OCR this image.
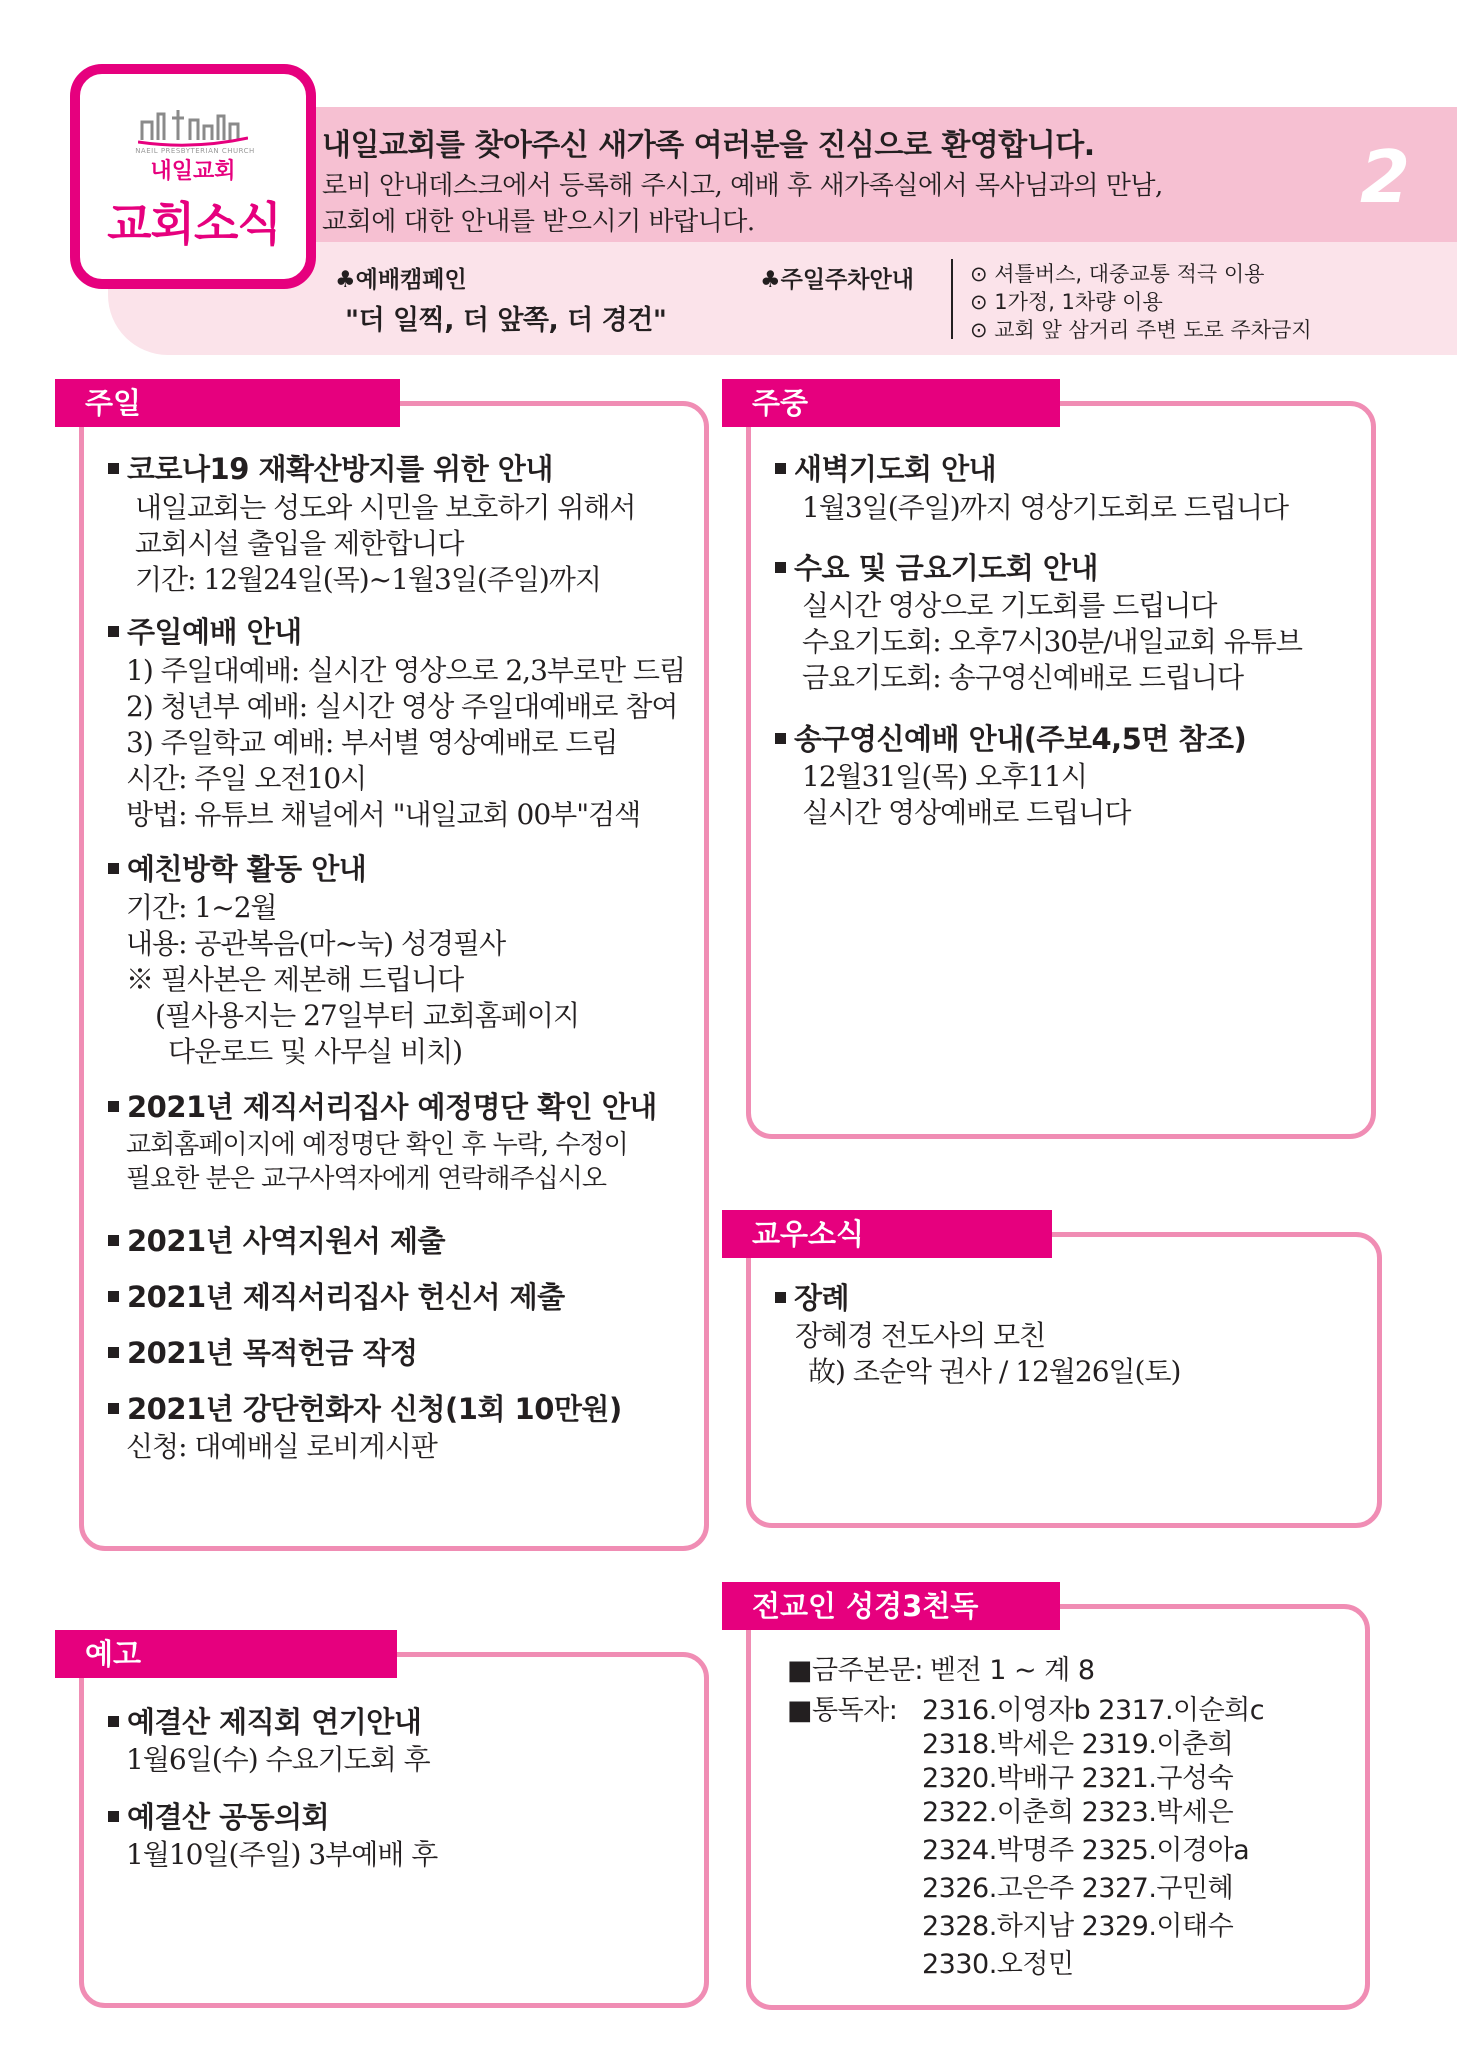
NAEIL PRESBYTERIAN CHURCH
내일교회
교회소식
내일교회를 찾아주신 새가족 여러분을 진심으로 환영합니다.
로비 안내데스크에서 등록해 주시고, 예배 후 새가족실에서 목사님과의 만남,
교회에 대한 안내를 받으시기 바랍니다.
2
♣예배캠페인
"더 일찍, 더 앞쪽, 더 경건"
♣주일주차안내	⊙ 셔틀버스, 대중교통 적극 이용
⊙ 1가정, 1차량 이용
⊙ 교회 앞 삼거리 주변 도로 주차금지
주일
코로나19 재확산방지를 위한 안내
내일교회는 성도와 시민을 보호하기 위해서
교회시설 출입을 제한합니다
기간: 12월24일(목)~1월3일(주일)까지
주일예배 안내
1) 주일대예배: 실시간 영상으로 2,3부로만 드림
2) 청년부 예배: 실시간 영상 주일대예배로 참여
3) 주일학교 예배: 부서별 영상예배로 드림
시간: 주일 오전10시
방법: 유튜브 채널에서 "내일교회 00부"검색
예친방학 활동 안내
기간: 1~2월
내용: 공관복음(마~눅) 성경필사
※ 필사본은 제본해 드립니다
(필사용지는 27일부터 교회홈페이지
다운로드 및 사무실 비치)
2021년 제직서리집사 예정명단 확인 안내
교회홈페이지에 예정명단 확인 후 누락, 수정이
필요한 분은 교구사역자에게 연락해주십시오
2021년 사역지원서 제출
2021년 제직서리집사 헌신서 제출
2021년 목적헌금 작정
2021년 강단헌화자 신청(1회 10만원)
신청: 대예배실 로비게시판
주중
새벽기도회 안내
1월3일(주일)까지 영상기도회로 드립니다
수요 및 금요기도회 안내
실시간 영상으로 기도회를 드립니다
수요기도회: 오후7시30분/내일교회 유튜브
금요기도회: 송구영신예배로 드립니다
송구영신예배 안내(주보4,5면 참조)
12월31일(목) 오후11시
실시간 영상예배로 드립니다
교우소식
장례
장혜경 전도사의 모친
故) 조순악 권사 / 12월26일(토)
예고
예결산 제직회 연기안내
1월6일(수) 수요기도회 후
예결산 공동의회
1월10일(주일) 3부예배 후
전교인 성경3천독
■금주본문: 벧전 1 ~ 계 8
■통독자: 2316.이영자b 2317.이순희c
2318.박세은 2319.이춘희
2320.박배구 2321.구성숙
2322.이춘희 2323.박세은
2324.박명주 2325.이경아a
2326.고은주 2327.구민혜
2328.하지남 2329.이태수
2330.오정민
